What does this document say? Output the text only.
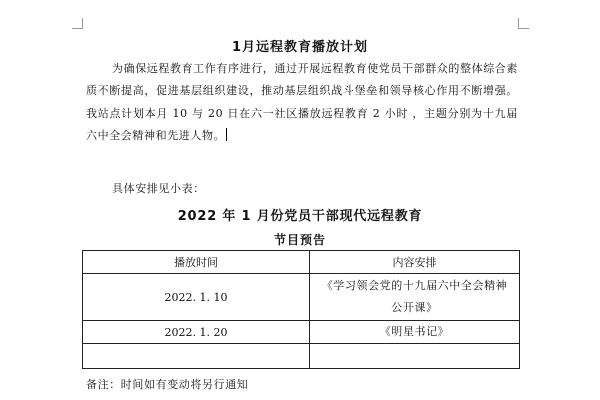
1月远程教育播放计划
为确保远程教育工作有序进行，通过开展远程教育使党员干部群众的整体综合素质不断提高，促进基层组织建设，推动基层组织战斗堡垒和领导核心作用不断增强。我站点计划本月 10 与 20 日在六一社区播放远程教育 2 小时 ，主题分别为十九届六中全会精神和先进人物。
具体安排见小表：
2022 年 1 月份党员干部现代远程教育
节目预告
播放时间	内容安排
2022. 1. 10	《学习领会党的十九届六中全会精神公开课》
2022. 1. 20	《明星书记》

备注：时间如有变动将另行通知
